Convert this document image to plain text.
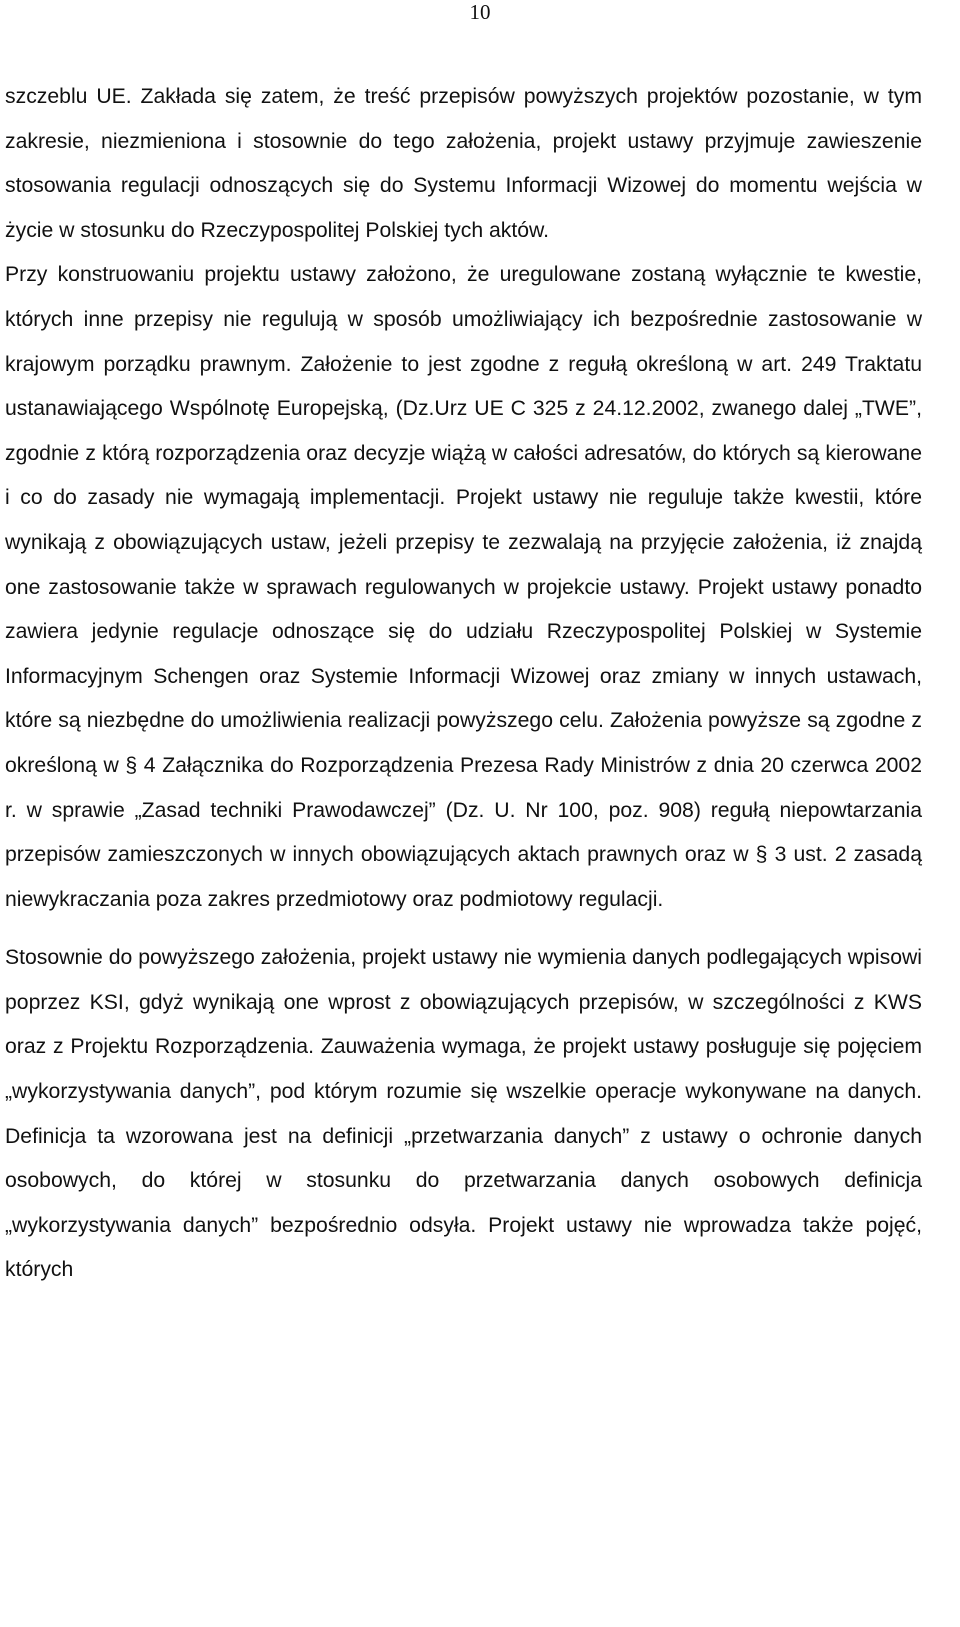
10

szczeblu UE. Zakłada się zatem, że treść przepisów powyższych projektów pozostanie, w tym zakresie, niezmieniona i stosownie do tego założenia, projekt ustawy przyjmuje zawieszenie stosowania regulacji odnoszących się do Systemu Informacji Wizowej do momentu wejścia w życie w stosunku do Rzeczypospolitej Polskiej tych aktów.

Przy konstruowaniu projektu ustawy założono, że uregulowane zostaną wyłącznie te kwestie, których inne przepisy nie regulują w sposób umożliwiający ich bezpośrednie zastosowanie w krajowym porządku prawnym. Założenie to jest zgodne z regułą określoną w art. 249 Traktatu ustanawiającego Wspólnotę Europejską, (Dz.Urz UE C 325 z 24.12.2002, zwanego dalej „TWE”, zgodnie z którą rozporządzenia oraz decyzje wiążą w całości adresatów, do których są kierowane i co do zasady nie wymagają implementacji. Projekt ustawy nie reguluje także kwestii, które wynikają z obowiązujących ustaw, jeżeli przepisy te zezwalają na przyjęcie założenia, iż znajdą one zastosowanie także w sprawach regulowanych w projekcie ustawy. Projekt ustawy ponadto zawiera jedynie regulacje odnoszące się do udziału Rzeczypospolitej Polskiej w Systemie Informacyjnym Schengen oraz Systemie Informacji Wizowej oraz zmiany w innych ustawach, które są niezbędne do umożliwienia realizacji powyższego celu. Założenia powyższe są zgodne z określoną w § 4 Załącznika do Rozporządzenia Prezesa Rady Ministrów z dnia 20 czerwca 2002 r. w sprawie „Zasad techniki Prawodawczej” (Dz. U. Nr 100, poz. 908) regułą niepowtarzania przepisów zamieszczonych w innych obowiązujących aktach prawnych oraz w § 3 ust. 2 zasadą niewykraczania poza zakres przedmiotowy oraz podmiotowy regulacji.

Stosownie do powyższego założenia, projekt ustawy nie wymienia danych podlegających wpisowi poprzez KSI, gdyż wynikają one wprost z obowiązujących przepisów, w szczególności z KWS oraz z Projektu Rozporządzenia. Zauważenia wymaga, że projekt ustawy posługuje się pojęciem „wykorzystywania danych”, pod którym rozumie się wszelkie operacje wykonywane na danych. Definicja ta wzorowana jest na definicji „przetwarzania danych” z ustawy o ochronie danych osobowych, do której w stosunku do przetwarzania danych osobowych definicja „wykorzystywania danych” bezpośrednio odsyła. Projekt ustawy nie wprowadza także pojęć, których
